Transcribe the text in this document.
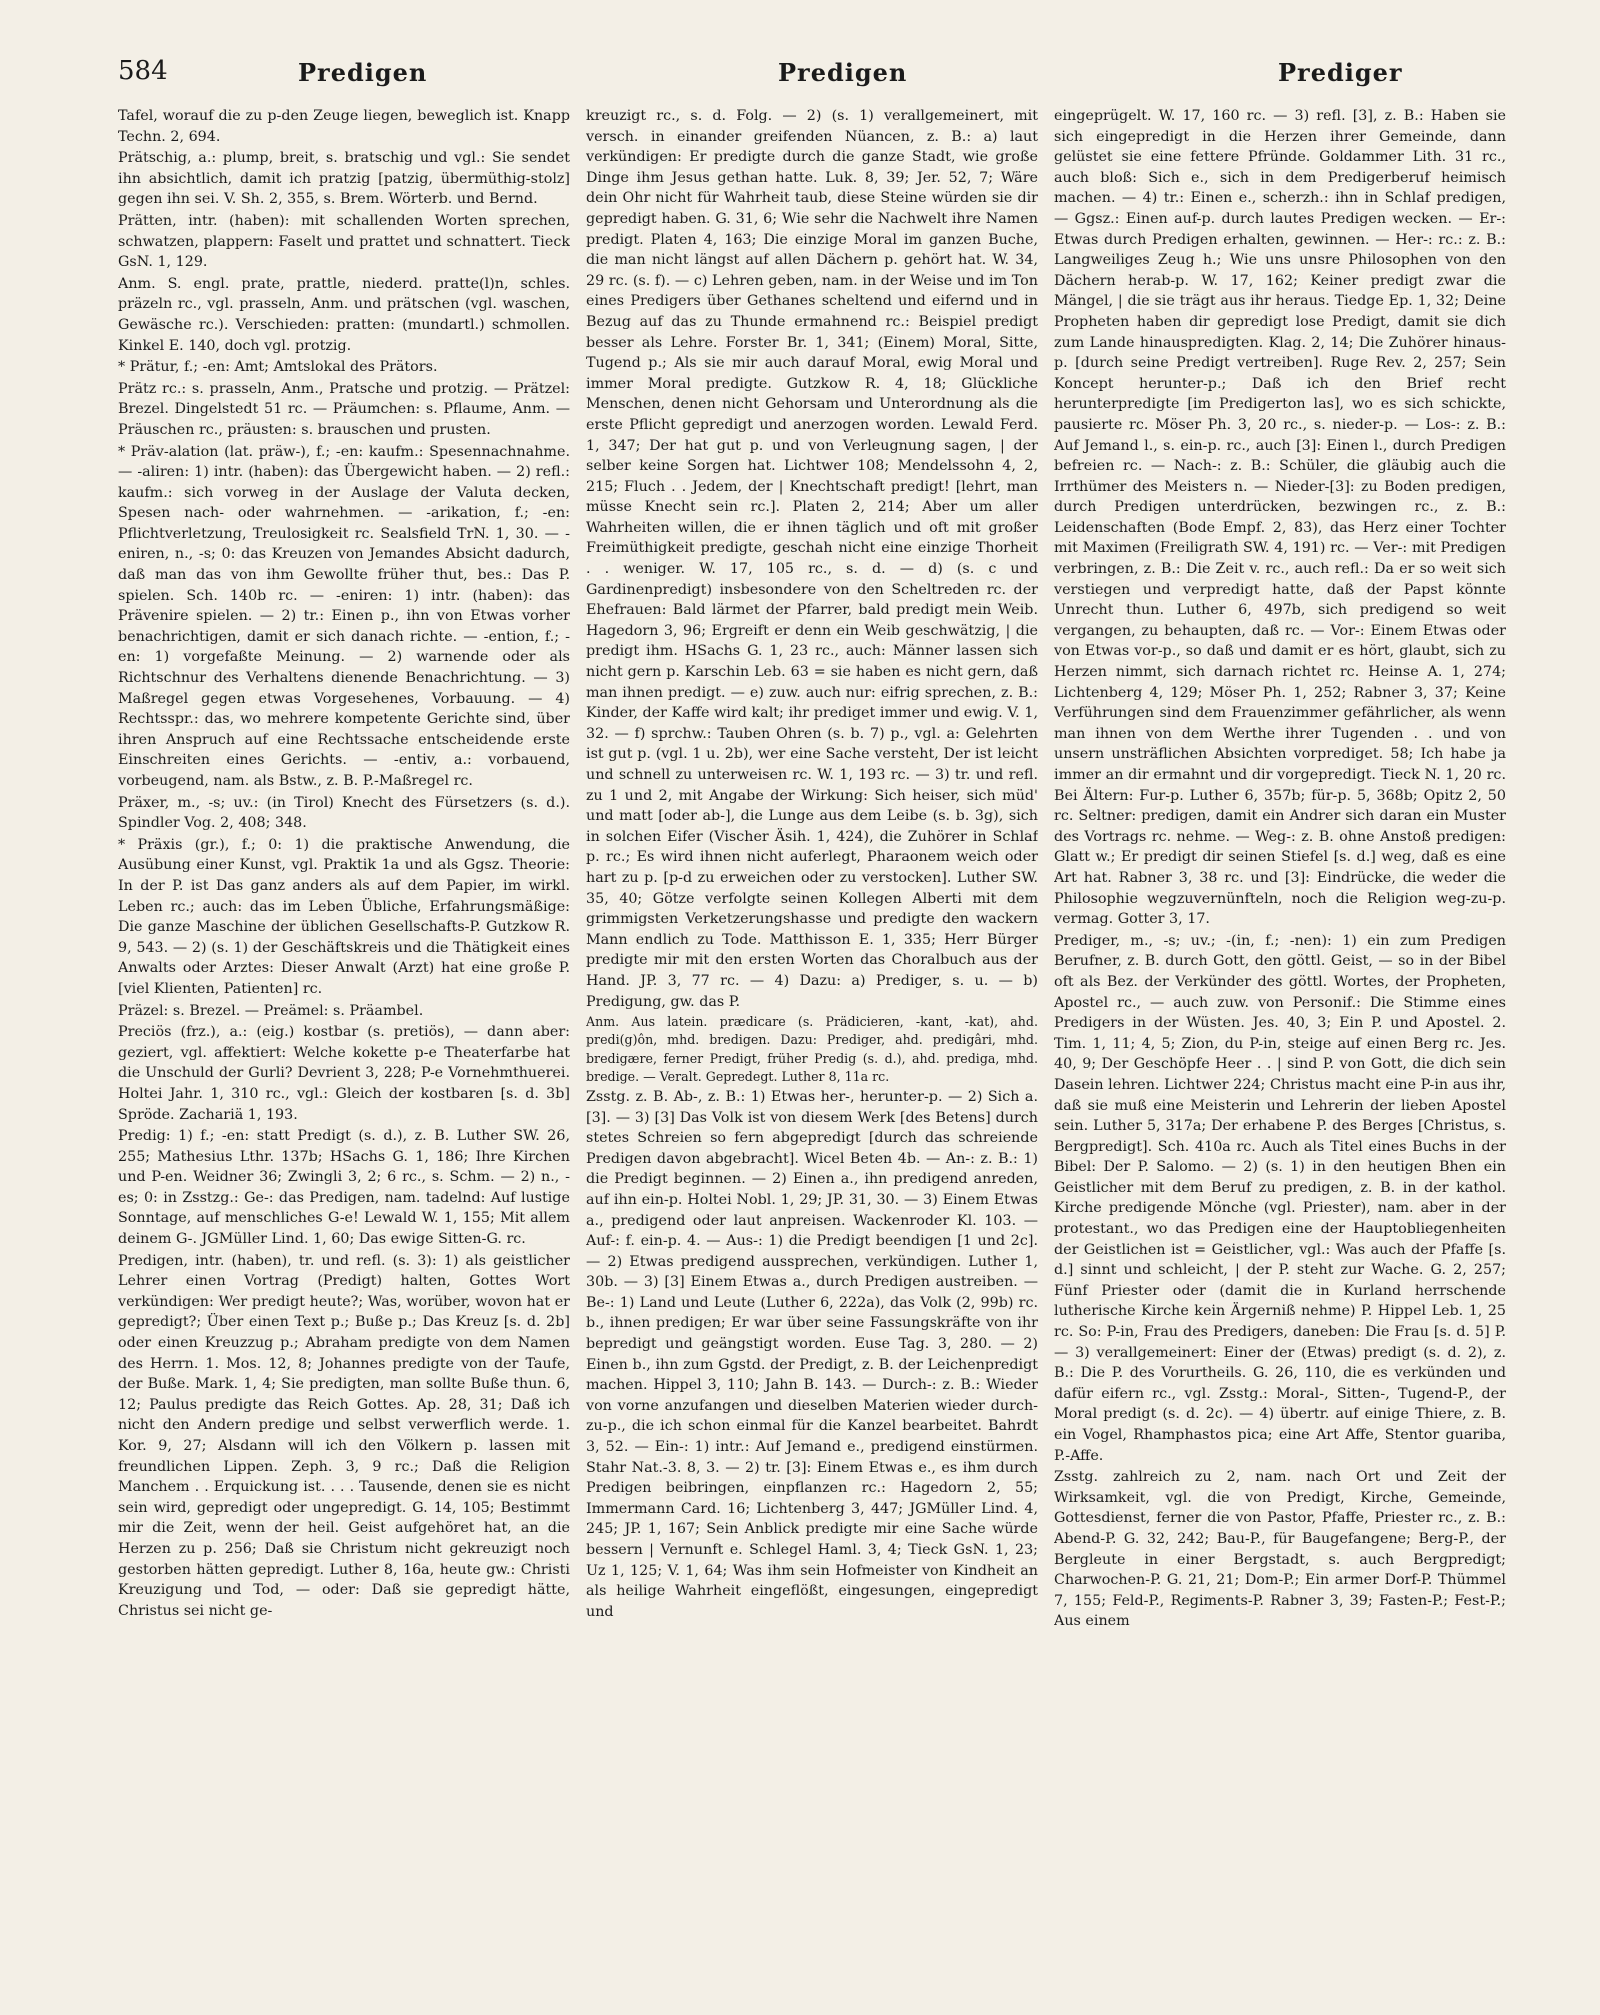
584	Predigen	Predigen	Prediger

Tafel, worauf die zu p-den Zeuge liegen, beweglich ist. Knapp Techn. 2, 694.

Prätschig, a.: plump, breit, s. bratschig und vgl.: Sie sendet ihn absichtlich, damit ich pratzig [patzig, übermüthig-stolz] gegen ihn sei. V. Sh. 2, 355, s. Brem. Wörterb. und Bernd.

Prätten, intr. (haben): mit schallenden Worten sprechen, schwatzen, plappern: Faselt und prattet und schnattert. Tieck GsN. 1, 129.

Anm. S. engl. prate, prattle, niederd. pratte(l)n, schles. präzeln rc., vgl. prasseln, Anm. und prätschen (vgl. waschen, Gewäsche rc.). Verschieden: pratten: (mundartl.) schmollen. Kinkel E. 140, doch vgl. protzig.

* Prätur, f.; -en: Amt; Amtslokal des Prätors.

Prätz rc.: s. prasseln, Anm., Pratsche und protzig. — Prätzel: Brezel. Dingelstedt 51 rc. — Präumchen: s. Pflaume, Anm. — Präuschen rc., präusten: s. brauschen und prusten.

* Präv-alation (lat. präw-), f.; -en: kaufm.: Spesennachnahme. — -aliren: 1) intr. (haben): das Übergewicht haben. — 2) refl.: kaufm.: sich vorweg in der Auslage der Valuta decken, Spesen nach- oder wahrnehmen. — -arikation, f.; -en: Pflichtverletzung, Treulosigkeit rc. Sealsfield TrN. 1, 30. — -eniren, n., -s; 0: das Kreuzen von Jemandes Absicht dadurch, daß man das von ihm Gewollte früher thut, bes.: Das P. spielen. Sch. 140b rc. — -eniren: 1) intr. (haben): das Prävenire spielen. — 2) tr.: Einen p., ihn von Etwas vorher benachrichtigen, damit er sich danach richte. — -ention, f.; -en: 1) vorgefaßte Meinung. — 2) warnende oder als Richtschnur des Verhaltens dienende Benachrichtung. — 3) Maßregel gegen etwas Vorgesehenes, Vorbauung. — 4) Rechtsspr.: das, wo mehrere kompetente Gerichte sind, über ihren Anspruch auf eine Rechtssache entscheidende erste Einschreiten eines Gerichts. — -entiv, a.: vorbauend, vorbeugend, nam. als Bstw., z. B. P.-Maßregel rc.

Präxer, m., -s; uv.: (in Tirol) Knecht des Fürsetzers (s. d.). Spindler Vog. 2, 408; 348.

* Präxis (gr.), f.; 0: 1) die praktische Anwendung, die Ausübung einer Kunst, vgl. Praktik 1a und als Ggsz. Theorie: In der P. ist Das ganz anders als auf dem Papier, im wirkl. Leben rc.; auch: das im Leben Übliche, Erfahrungsmäßige: Die ganze Maschine der üblichen Gesellschafts-P. Gutzkow R. 9, 543. — 2) (s. 1) der Geschäftskreis und die Thätigkeit eines Anwalts oder Arztes: Dieser Anwalt (Arzt) hat eine große P. [viel Klienten, Patienten] rc.

Präzel: s. Brezel. — Preämel: s. Präambel.

Preciös (frz.), a.: (eig.) kostbar (s. pretiös), — dann aber: geziert, vgl. affektiert: Welche kokette p-e Theaterfarbe hat die Unschuld der Gurli? Devrient 3, 228; P-e Vornehmthuerei. Holtei Jahr. 1, 310 rc., vgl.: Gleich der kostbaren [s. d. 3b] Spröde. Zachariä 1, 193.

Predig: 1) f.; -en: statt Predigt (s. d.), z. B. Luther SW. 26, 255; Mathesius Lthr. 137b; HSachs G. 1, 186; Ihre Kirchen und P-en. Weidner 36; Zwingli 3, 2; 6 rc., s. Schm. — 2) n., -es; 0: in Zsstzg.: Ge-: das Predigen, nam. tadelnd: Auf lustige Sonntage, auf menschliches G-e! Lewald W. 1, 155; Mit allem deinem G-. JGMüller Lind. 1, 60; Das ewige Sitten-G. rc.

Predigen, intr. (haben), tr. und refl. (s. 3): 1) als geistlicher Lehrer einen Vortrag (Predigt) halten, Gottes Wort verkündigen: Wer predigt heute?; Was, worüber, wovon hat er gepredigt?; Über einen Text p.; Buße p.; Das Kreuz [s. d. 2b] oder einen Kreuzzug p.; Abraham predigte von dem Namen des Herrn. 1. Mos. 12, 8; Johannes predigte von der Taufe, der Buße. Mark. 1, 4; Sie predigten, man sollte Buße thun. 6, 12; Paulus predigte das Reich Gottes. Ap. 28, 31; Daß ich nicht den Andern predige und selbst verwerflich werde. 1. Kor. 9, 27; Alsdann will ich den Völkern p. lassen mit freundlichen Lippen. Zeph. 3, 9 rc.; Daß die Religion Manchem . . Erquickung ist. . . . Tausende, denen sie es nicht sein wird, gepredigt oder ungepredigt. G. 14, 105; Bestimmt mir die Zeit, wenn der heil. Geist aufgehöret hat, an die Herzen zu p. 256; Daß sie Christum nicht gekreuzigt noch gestorben hätten gepredigt. Luther 8, 16a, heute gw.: Christi Kreuzigung und Tod, — oder: Daß sie gepredigt hätte, Christus sei nicht ge-

kreuzigt rc., s. d. Folg. — 2) (s. 1) verallgemeinert, mit versch. in einander greifenden Nüancen, z. B.: a) laut verkündigen: Er predigte durch die ganze Stadt, wie große Dinge ihm Jesus gethan hatte. Luk. 8, 39; Jer. 52, 7; Wäre dein Ohr nicht für Wahrheit taub, diese Steine würden sie dir gepredigt haben. G. 31, 6; Wie sehr die Nachwelt ihre Namen predigt. Platen 4, 163; Die einzige Moral im ganzen Buche, die man nicht längst auf allen Dächern p. gehört hat. W. 34, 29 rc. (s. f). — c) Lehren geben, nam. in der Weise und im Ton eines Predigers über Gethanes scheltend und eifernd und in Bezug auf das zu Thunde ermahnend rc.: Beispiel predigt besser als Lehre. Forster Br. 1, 341; (Einem) Moral, Sitte, Tugend p.; Als sie mir auch darauf Moral, ewig Moral und immer Moral predigte. Gutzkow R. 4, 18; Glückliche Menschen, denen nicht Gehorsam und Unterordnung als die erste Pflicht gepredigt und anerzogen worden. Lewald Ferd. 1, 347; Der hat gut p. und von Verleugnung sagen, | der selber keine Sorgen hat. Lichtwer 108; Mendelssohn 4, 2, 215; Fluch . . Jedem, der | Knechtschaft predigt! [lehrt, man müsse Knecht sein rc.]. Platen 2, 214; Aber um aller Wahrheiten willen, die er ihnen täglich und oft mit großer Freimüthigkeit predigte, geschah nicht eine einzige Thorheit . . weniger. W. 17, 105 rc., s. d. — d) (s. c und Gardinenpredigt) insbesondere von den Scheltreden rc. der Ehefrauen: Bald lärmet der Pfarrer, bald predigt mein Weib. Hagedorn 3, 96; Ergreift er denn ein Weib geschwätzig, | die predigt ihm. HSachs G. 1, 23 rc., auch: Männer lassen sich nicht gern p. Karschin Leb. 63 = sie haben es nicht gern, daß man ihnen predigt. — e) zuw. auch nur: eifrig sprechen, z. B.: Kinder, der Kaffe wird kalt; ihr prediget immer und ewig. V. 1, 32. — f) sprchw.: Tauben Ohren (s. b. 7) p., vgl. a: Gelehrten ist gut p. (vgl. 1 u. 2b), wer eine Sache versteht, Der ist leicht und schnell zu unterweisen rc. W. 1, 193 rc. — 3) tr. und refl. zu 1 und 2, mit Angabe der Wirkung: Sich heiser, sich müd' und matt [oder ab-], die Lunge aus dem Leibe (s. b. 3g), sich in solchen Eifer (Vischer Äsih. 1, 424), die Zuhörer in Schlaf p. rc.; Es wird ihnen nicht auferlegt, Pharaonem weich oder hart zu p. [p-d zu erweichen oder zu verstocken]. Luther SW. 35, 40; Götze verfolgte seinen Kollegen Alberti mit dem grimmigsten Verketzerungshasse und predigte den wackern Mann endlich zu Tode. Matthisson E. 1, 335; Herr Bürger predigte mir mit den ersten Worten das Choralbuch aus der Hand. JP. 3, 77 rc. — 4) Dazu: a) Prediger, s. u. — b) Predigung, gw. das P.

Anm. Aus latein. prædicare (s. Prädicieren, -kant, -kat), ahd. predi(g)ôn, mhd. bredigen. Dazu: Prediger, ahd. predigâri, mhd. bredigære, ferner Predigt, früher Predig (s. d.), ahd. prediga, mhd. bredige. — Veralt. Gepredegt. Luther 8, 11a rc.

Zsstg. z. B. Ab-, z. B.: 1) Etwas her-, herunter-p. — 2) Sich a. [3]. — 3) [3] Das Volk ist von diesem Werk [des Betens] durch stetes Schreien so fern abgepredigt [durch das schreiende Predigen davon abgebracht]. Wicel Beten 4b. — An-: z. B.: 1) die Predigt beginnen. — 2) Einen a., ihn predigend anreden, auf ihn ein-p. Holtei Nobl. 1, 29; JP. 31, 30. — 3) Einem Etwas a., predigend oder laut anpreisen. Wackenroder Kl. 103. — Auf-: f. ein-p. 4. — Aus-: 1) die Predigt beendigen [1 und 2c]. — 2) Etwas predigend aussprechen, verkündigen. Luther 1, 30b. — 3) [3] Einem Etwas a., durch Predigen austreiben. — Be-: 1) Land und Leute (Luther 6, 222a), das Volk (2, 99b) rc. b., ihnen predigen; Er war über seine Fassungskräfte von ihr bepredigt und geängstigt worden. Euse Tag. 3, 280. — 2) Einen b., ihn zum Ggstd. der Predigt, z. B. der Leichenpredigt machen. Hippel 3, 110; Jahn B. 143. — Durch-: z. B.: Wieder von vorne anzufangen und dieselben Materien wieder durch-zu-p., die ich schon einmal für die Kanzel bearbeitet. Bahrdt 3, 52. — Ein-: 1) intr.: Auf Jemand e., predigend einstürmen. Stahr Nat.-3. 8, 3. — 2) tr. [3]: Einem Etwas e., es ihm durch Predigen beibringen, einpflanzen rc.: Hagedorn 2, 55; Immermann Card. 16; Lichtenberg 3, 447; JGMüller Lind. 4, 245; JP. 1, 167; Sein Anblick predigte mir eine Sache würde bessern | Vernunft e. Schlegel Haml. 3, 4; Tieck GsN. 1, 23; Uz 1, 125; V. 1, 64; Was ihm sein Hofmeister von Kindheit an als heilige Wahrheit eingeflößt, eingesungen, eingepredigt und

eingeprügelt. W. 17, 160 rc. — 3) refl. [3], z. B.: Haben sie sich eingepredigt in die Herzen ihrer Gemeinde, dann gelüstet sie eine fettere Pfründe. Goldammer Lith. 31 rc., auch bloß: Sich e., sich in dem Predigerberuf heimisch machen. — 4) tr.: Einen e., scherzh.: ihn in Schlaf predigen, — Ggsz.: Einen auf-p. durch lautes Predigen wecken. — Er-: Etwas durch Predigen erhalten, gewinnen. — Her-: rc.: z. B.: Langweiliges Zeug h.; Wie uns unsre Philosophen von den Dächern herab-p. W. 17, 162; Keiner predigt zwar die Mängel, | die sie trägt aus ihr heraus. Tiedge Ep. 1, 32; Deine Propheten haben dir gepredigt lose Predigt, damit sie dich zum Lande hinauspredigten. Klag. 2, 14; Die Zuhörer hinaus-p. [durch seine Predigt vertreiben]. Ruge Rev. 2, 257; Sein Koncept herunter-p.; Daß ich den Brief recht herunterpredigte [im Predigerton las], wo es sich schickte, pausierte rc. Möser Ph. 3, 20 rc., s. nieder-p. — Los-: z. B.: Auf Jemand l., s. ein-p. rc., auch [3]: Einen l., durch Predigen befreien rc. — Nach-: z. B.: Schüler, die gläubig auch die Irrthümer des Meisters n. — Nieder-[3]: zu Boden predigen, durch Predigen unterdrücken, bezwingen rc., z. B.: Leidenschaften (Bode Empf. 2, 83), das Herz einer Tochter mit Maximen (Freiligrath SW. 4, 191) rc. — Ver-: mit Predigen verbringen, z. B.: Die Zeit v. rc., auch refl.: Da er so weit sich verstiegen und verpredigt hatte, daß der Papst könnte Unrecht thun. Luther 6, 497b, sich predigend so weit vergangen, zu behaupten, daß rc. — Vor-: Einem Etwas oder von Etwas vor-p., so daß und damit er es hört, glaubt, sich zu Herzen nimmt, sich darnach richtet rc. Heinse A. 1, 274; Lichtenberg 4, 129; Möser Ph. 1, 252; Rabner 3, 37; Keine Verführungen sind dem Frauenzimmer gefährlicher, als wenn man ihnen von dem Werthe ihrer Tugenden . . und von unsern unsträflichen Absichten vorprediget. 58; Ich habe ja immer an dir ermahnt und dir vorgepredigt. Tieck N. 1, 20 rc. Bei Ältern: Fur-p. Luther 6, 357b; für-p. 5, 368b; Opitz 2, 50 rc. Seltner: predigen, damit ein Andrer sich daran ein Muster des Vortrags rc. nehme. — Weg-: z. B. ohne Anstoß predigen: Glatt w.; Er predigt dir seinen Stiefel [s. d.] weg, daß es eine Art hat. Rabner 3, 38 rc. und [3]: Eindrücke, die weder die Philosophie wegzuvernünfteln, noch die Religion weg-zu-p. vermag. Gotter 3, 17.

Prediger, m., -s; uv.; -(in, f.; -nen): 1) ein zum Predigen Berufner, z. B. durch Gott, den göttl. Geist, — so in der Bibel oft als Bez. der Verkünder des göttl. Wortes, der Propheten, Apostel rc., — auch zuw. von Personif.: Die Stimme eines Predigers in der Wüsten. Jes. 40, 3; Ein P. und Apostel. 2. Tim. 1, 11; 4, 5; Zion, du P-in, steige auf einen Berg rc. Jes. 40, 9; Der Geschöpfe Heer . . | sind P. von Gott, die dich sein Dasein lehren. Lichtwer 224; Christus macht eine P-in aus ihr, daß sie muß eine Meisterin und Lehrerin der lieben Apostel sein. Luther 5, 317a; Der erhabene P. des Berges [Christus, s. Bergpredigt]. Sch. 410a rc. Auch als Titel eines Buchs in der Bibel: Der P. Salomo. — 2) (s. 1) in den heutigen Bhen ein Geistlicher mit dem Beruf zu predigen, z. B. in der kathol. Kirche predigende Mönche (vgl. Priester), nam. aber in der protestant., wo das Predigen eine der Hauptobliegenheiten der Geistlichen ist = Geistlicher, vgl.: Was auch der Pfaffe [s. d.] sinnt und schleicht, | der P. steht zur Wache. G. 2, 257; Fünf Priester oder (damit die in Kurland herrschende lutherische Kirche kein Ärgerniß nehme) P. Hippel Leb. 1, 25 rc. So: P-in, Frau des Predigers, daneben: Die Frau [s. d. 5] P. — 3) verallgemeinert: Einer der (Etwas) predigt (s. d. 2), z. B.: Die P. des Vorurtheils. G. 26, 110, die es verkünden und dafür eifern rc., vgl. Zsstg.: Moral-, Sitten-, Tugend-P., der Moral predigt (s. d. 2c). — 4) übertr. auf einige Thiere, z. B. ein Vogel, Rhamphastos pica; eine Art Affe, Stentor guariba, P.-Affe.

Zsstg. zahlreich zu 2, nam. nach Ort und Zeit der Wirksamkeit, vgl. die von Predigt, Kirche, Gemeinde, Gottesdienst, ferner die von Pastor, Pfaffe, Priester rc., z. B.: Abend-P. G. 32, 242; Bau-P., für Baugefangene; Berg-P., der Bergleute in einer Bergstadt, s. auch Bergpredigt; Charwochen-P. G. 21, 21; Dom-P.; Ein armer Dorf-P. Thümmel 7, 155; Feld-P., Regiments-P. Rabner 3, 39; Fasten-P.; Fest-P.; Aus einem
